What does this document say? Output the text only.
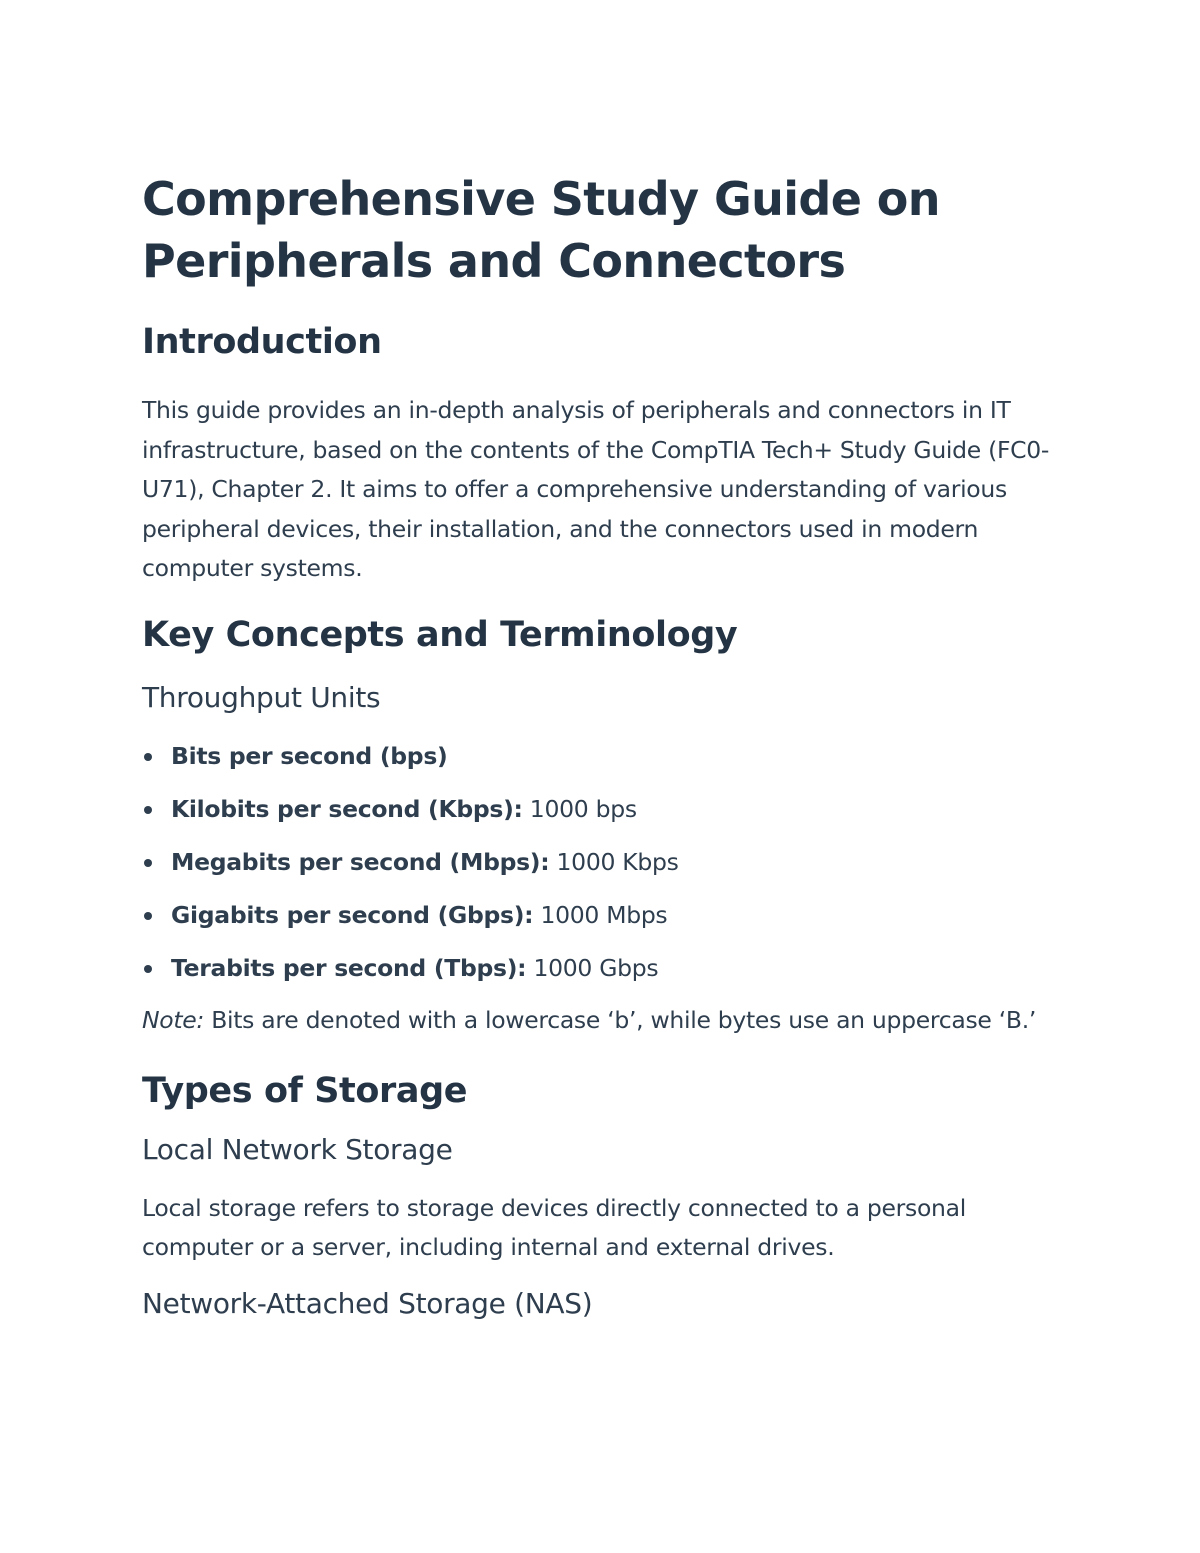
Comprehensive Study Guide on Peripherals and Connectors
Introduction

This guide provides an in-depth analysis of peripherals and connectors in IT infrastructure, based on the contents of the CompTIA Tech+ Study Guide (FC0-U71), Chapter 2. It aims to offer a comprehensive understanding of various peripheral devices, their installation, and the connectors used in modern computer systems.

Key Concepts and Terminology
Throughput Units
Bits per second (bps)
Kilobits per second (Kbps): 1000 bps
Megabits per second (Mbps): 1000 Kbps
Gigabits per second (Gbps): 1000 Mbps
Terabits per second (Tbps): 1000 Gbps

Note: Bits are denoted with a lowercase ‘b’, while bytes use an uppercase ‘B.’

Types of Storage
Local Network Storage

Local storage refers to storage devices directly connected to a personal computer or a server, including internal and external drives.

Network-Attached Storage (NAS)
